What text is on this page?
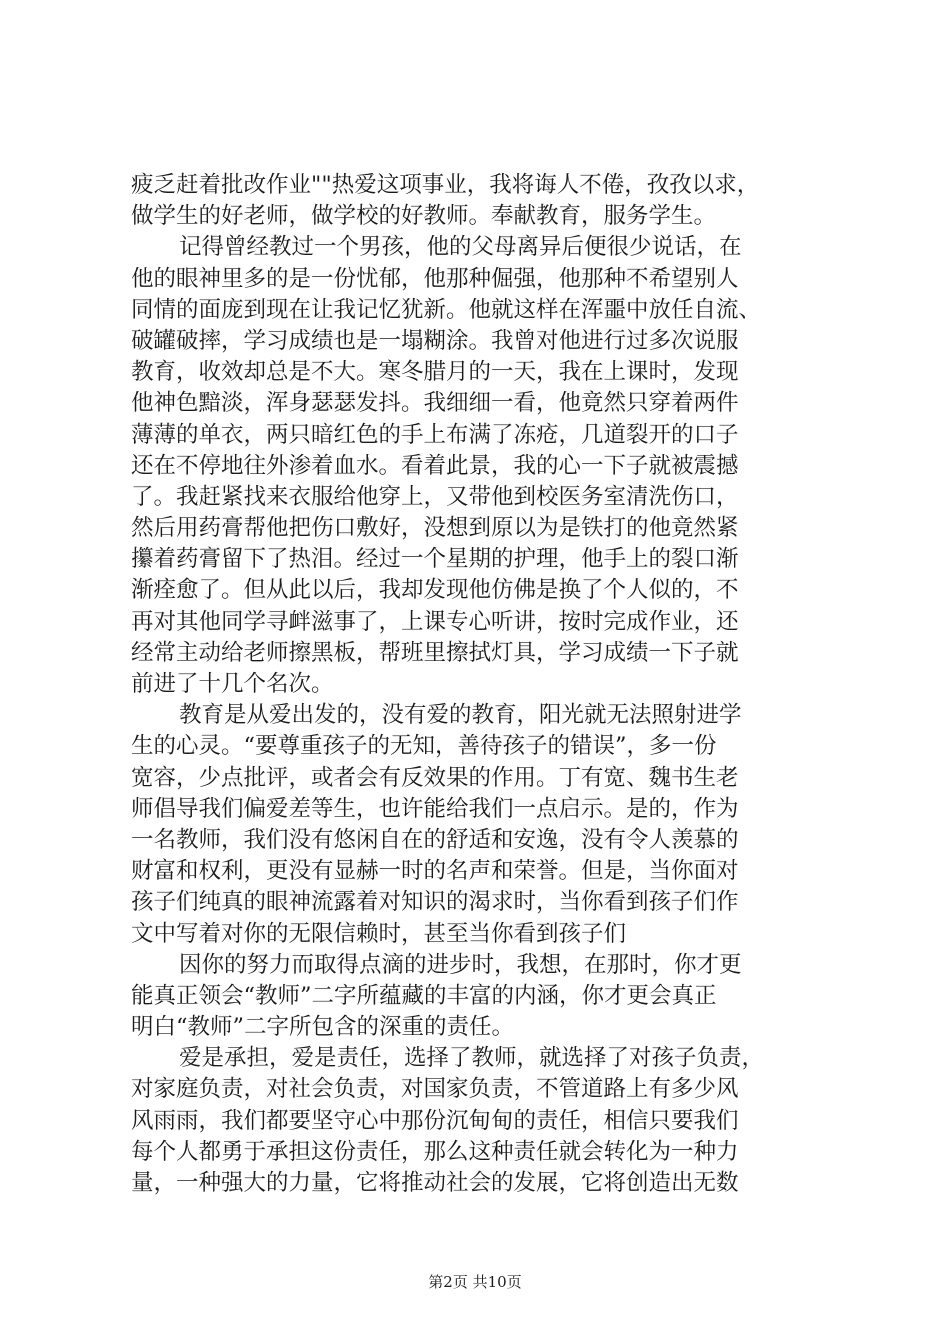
疲乏赶着批改作业""热爱这项事业，我将诲人不倦，孜孜以求，
做学生的好老师，做学校的好教师。奉献教育，服务学生。
记得曾经教过一个男孩，他的父母离异后便很少说话，在
他的眼神里多的是一份忧郁，他那种倔强，他那种不希望别人
同情的面庞到现在让我记忆犹新。他就这样在浑噩中放任自流、
破罐破摔，学习成绩也是一塌糊涂。我曾对他进行过多次说服
教育，收效却总是不大。寒冬腊月的一天，我在上课时，发现
他神色黯淡，浑身瑟瑟发抖。我细细一看，他竟然只穿着两件
薄薄的单衣，两只暗红色的手上布满了冻疮，几道裂开的口子
还在不停地往外渗着血水。看着此景，我的心一下子就被震撼
了。我赶紧找来衣服给他穿上，又带他到校医务室清洗伤口，
然后用药膏帮他把伤口敷好，没想到原以为是铁打的他竟然紧
攥着药膏留下了热泪。经过一个星期的护理，他手上的裂口渐
渐痊愈了。但从此以后，我却发现他仿佛是换了个人似的，不
再对其他同学寻衅滋事了，上课专心听讲，按时完成作业，还
经常主动给老师擦黑板，帮班里擦拭灯具，学习成绩一下子就
前进了十几个名次。
教育是从爱出发的，没有爱的教育，阳光就无法照射进学
生的心灵。“要尊重孩子的无知，善待孩子的错误”，多一份
宽容，少点批评，或者会有反效果的作用。丁有宽、魏书生老
师倡导我们偏爱差等生，也许能给我们一点启示。是的，作为
一名教师，我们没有悠闲自在的舒适和安逸，没有令人羡慕的
财富和权利，更没有显赫一时的名声和荣誉。但是，当你面对
孩子们纯真的眼神流露着对知识的渴求时，当你看到孩子们作
文中写着对你的无限信赖时，甚至当你看到孩子们
因你的努力而取得点滴的进步时，我想，在那时，你才更
能真正领会“教师”二字所蕴藏的丰富的内涵，你才更会真正
明白“教师”二字所包含的深重的责任。
爱是承担，爱是责任，选择了教师，就选择了对孩子负责，
对家庭负责，对社会负责，对国家负责，不管道路上有多少风
风雨雨，我们都要坚守心中那份沉甸甸的责任，相信只要我们
每个人都勇于承担这份责任，那么这种责任就会转化为一种力
量，一种强大的力量，它将推动社会的发展，它将创造出无数
第2页 共10页
